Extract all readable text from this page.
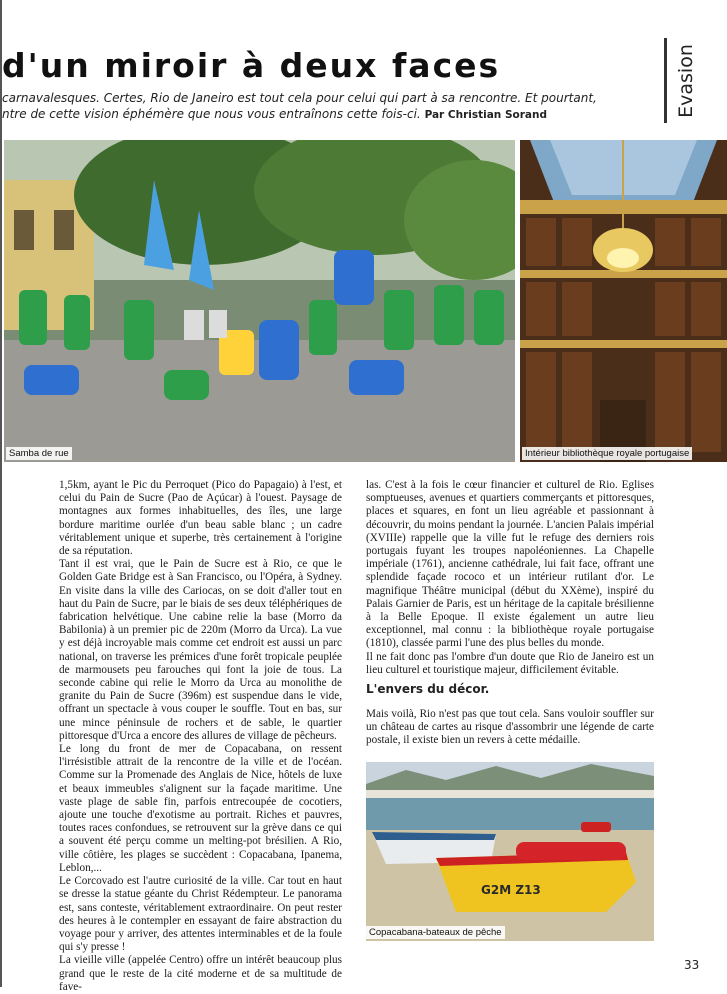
d'un miroir à deux faces	Evasion
carnavalesques. Certes, Rio de Janeiro est tout cela pour celui qui part à sa rencontre. Et pourtant,
ntre de cette vision éphémère que nous vous entraînons cette fois-ci. Par Christian Sorand
Samba de rue	Intérieur bibliothèque royale portugaise

1,5km, ayant le Pic du Perroquet (Pico do Papagaio) à l'est, et celui du Pain de Sucre (Pao de Açúcar) à l'ouest. Paysage de montagnes aux formes inhabituelles, des îles, une large bordure maritime ourlée d'un beau sable blanc ; un cadre véritablement unique et superbe, très certainement à l'origine de sa réputation.

Tant il est vrai, que le Pain de Sucre est à Rio, ce que le Golden Gate Bridge est à San Francisco, ou l'Opéra, à Sydney. En visite dans la ville des Cariocas, on se doit d'aller tout en haut du Pain de Sucre, par le biais de ses deux téléphériques de fabrication helvétique. Une cabine relie la base (Morro da Babilonia) à un premier pic de 220m (Morro da Urca). La vue y est déjà incroyable mais comme cet endroit est aussi un parc national, on traverse les prémices d'une forêt tropicale peuplée de marmousets peu farouches qui font la joie de tous. La seconde cabine qui relie le Morro da Urca au monolithe de granite du Pain de Sucre (396m) est suspendue dans le vide, offrant un spectacle à vous couper le souffle. Tout en bas, sur une mince péninsule de rochers et de sable, le quartier pittoresque d'Urca a encore des allures de village de pêcheurs.

Le long du front de mer de Copacabana, on ressent l'irrésistible attrait de la rencontre de la ville et de l'océan. Comme sur la Promenade des Anglais de Nice, hôtels de luxe et beaux immeubles s'alignent sur la façade maritime. Une vaste plage de sable fin, parfois entrecoupée de cocotiers, ajoute une touche d'exotisme au portrait. Riches et pauvres, toutes races confondues, se retrouvent sur la grève dans ce qui a souvent été perçu comme un melting-pot brésilien. A Rio, ville côtière, les plages se succèdent : Copacabana, Ipanema, Leblon,...

Le Corcovado est l'autre curiosité de la ville. Car tout en haut se dresse la statue géante du Christ Rédempteur. Le panorama est, sans conteste, véritablement extraordinaire. On peut rester des heures à le contempler en essayant de faire abstraction du voyage pour y arriver, des attentes interminables et de la foule qui s'y presse !

La vieille ville (appelée Centro) offre un intérêt beaucoup plus grand que le reste de la cité moderne et de sa multitude de fave-

las. C'est à la fois le cœur financier et culturel de Rio. Eglises somptueuses, avenues et quartiers commerçants et pittoresques, places et squares, en font un lieu agréable et passionnant à découvrir, du moins pendant la journée. L'ancien Palais impérial (XVIIIe) rappelle que la ville fut le refuge des derniers rois portugais fuyant les troupes napoléoniennes. La Chapelle impériale (1761), ancienne cathédrale, lui fait face, offrant une splendide façade rococo et un intérieur rutilant d'or. Le magnifique Théâtre municipal (début du XXème), inspiré du Palais Garnier de Paris, est un héritage de la capitale brésilienne à la Belle Epoque. Il existe également un autre lieu exceptionnel, mal connu : la bibliothèque royale portugaise (1810), classée parmi l'une des plus belles du monde.

Il ne fait donc pas l'ombre d'un doute que Rio de Janeiro est un lieu culturel et touristique majeur, difficilement évitable.

L'envers du décor.

Mais voilà, Rio n'est pas que tout cela. Sans vouloir souffler sur un château de cartes au risque d'assombrir une légende de carte postale, il existe bien un revers à cette médaille.

G2M Z13
Copacabana-bateaux de pêche
33
